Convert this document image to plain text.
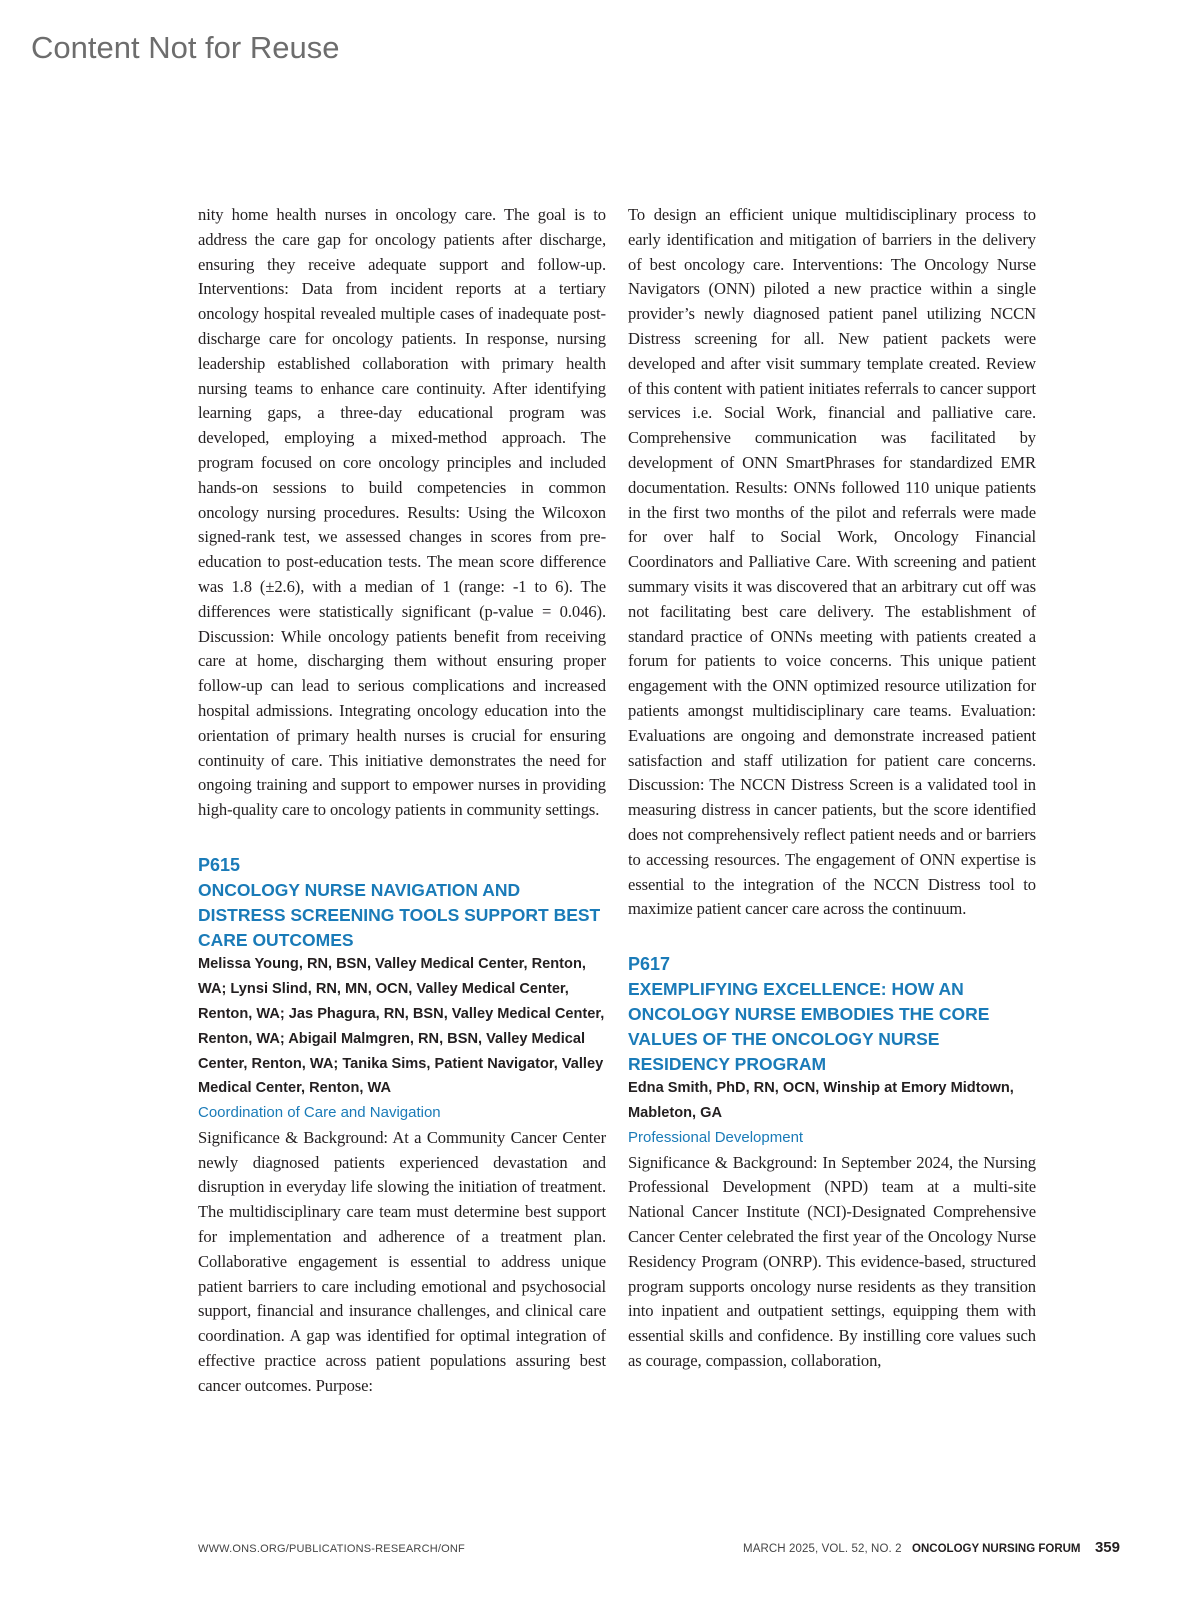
Content Not for Reuse

nity home health nurses in oncology care. The goal is to address the care gap for oncology patients after discharge, ensuring they receive adequate support and follow-up. Interventions: Data from incident reports at a tertiary oncology hospital revealed multiple cases of inadequate post-discharge care for oncology patients. In response, nursing leadership established collaboration with primary health nursing teams to enhance care continuity. After identifying learning gaps, a three-day educational program was developed, employing a mixed-method approach. The program focused on core oncology principles and included hands-on sessions to build competencies in common oncology nursing procedures. Results: Using the Wilcoxon signed-rank test, we assessed changes in scores from pre-education to post-education tests. The mean score difference was 1.8 (±2.6), with a median of 1 (range: -1 to 6). The differences were statistically significant (p-value = 0.046). Discussion: While oncology patients benefit from receiving care at home, discharging them without ensuring proper follow-up can lead to serious complications and increased hospital admissions. Integrating oncology education into the orientation of primary health nurses is crucial for ensuring continuity of care. This initiative demonstrates the need for ongoing training and support to empower nurses in providing high-quality care to oncology patients in community settings.

P615

ONCOLOGY NURSE NAVIGATION AND DISTRESS SCREENING TOOLS SUPPORT BEST CARE OUTCOMES

Melissa Young, RN, BSN, Valley Medical Center, Renton, WA; Lynsi Slind, RN, MN, OCN, Valley Medical Center, Renton, WA; Jas Phagura, RN, BSN, Valley Medical Center, Renton, WA; Abigail Malmgren, RN, BSN, Valley Medical Center, Renton, WA; Tanika Sims, Patient Navigator, Valley Medical Center, Renton, WA

Coordination of Care and Navigation

Significance & Background: At a Community Cancer Center newly diagnosed patients experienced devastation and disruption in everyday life slowing the initiation of treatment. The multidisciplinary care team must determine best support for implementation and adherence of a treatment plan. Collaborative engagement is essential to address unique patient barriers to care including emotional and psychosocial support, financial and insurance challenges, and clinical care coordination. A gap was identified for optimal integration of effective practice across patient populations assuring best cancer outcomes. Purpose:

To design an efficient unique multidisciplinary process to early identification and mitigation of barriers in the delivery of best oncology care. Interventions: The Oncology Nurse Navigators (ONN) piloted a new practice within a single provider’s newly diagnosed patient panel utilizing NCCN Distress screening for all. New patient packets were developed and after visit summary template created. Review of this content with patient initiates referrals to cancer support services i.e. Social Work, financial and palliative care. Comprehensive communication was facilitated by development of ONN SmartPhrases for standardized EMR documentation. Results: ONNs followed 110 unique patients in the first two months of the pilot and referrals were made for over half to Social Work, Oncology Financial Coordinators and Palliative Care. With screening and patient summary visits it was discovered that an arbitrary cut off was not facilitating best care delivery. The establishment of standard practice of ONNs meeting with patients created a forum for patients to voice concerns. This unique patient engagement with the ONN optimized resource utilization for patients amongst multidisciplinary care teams. Evaluation: Evaluations are ongoing and demonstrate increased patient satisfaction and staff utilization for patient care concerns. Discussion: The NCCN Distress Screen is a validated tool in measuring distress in cancer patients, but the score identified does not comprehensively reflect patient needs and or barriers to accessing resources. The engagement of ONN expertise is essential to the integration of the NCCN Distress tool to maximize patient cancer care across the continuum.

P617

EXEMPLIFYING EXCELLENCE: HOW AN ONCOLOGY NURSE EMBODIES THE CORE VALUES OF THE ONCOLOGY NURSE RESIDENCY PROGRAM

Edna Smith, PhD, RN, OCN, Winship at Emory Midtown, Mableton, GA

Professional Development

Significance & Background: In September 2024, the Nursing Professional Development (NPD) team at a multi-site National Cancer Institute (NCI)-Designated Comprehensive Cancer Center celebrated the first year of the Oncology Nurse Residency Program (ONRP). This evidence-based, structured program supports oncology nurse residents as they transition into inpatient and outpatient settings, equipping them with essential skills and confidence. By instilling core values such as courage, compassion, collaboration,

WWW.ONS.ORG/PUBLICATIONS-RESEARCH/ONF	MARCH 2025, VOL. 52, NO. 2 ONCOLOGY NURSING FORUM 359
